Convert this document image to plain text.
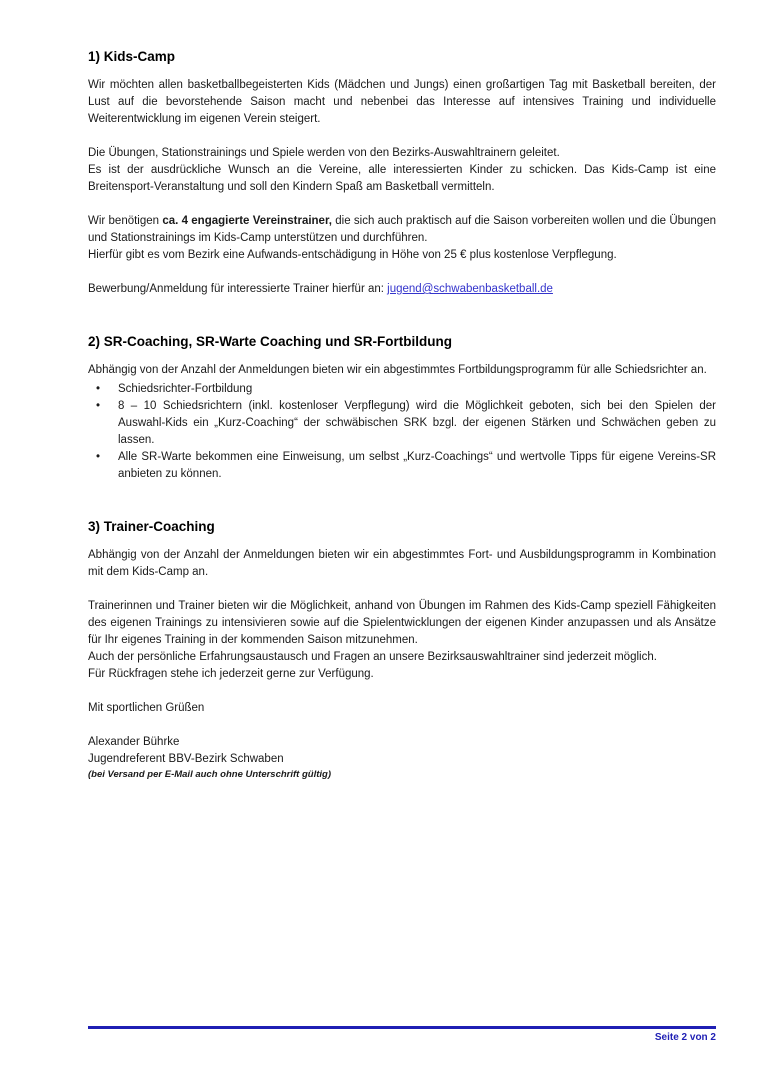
1) Kids-Camp

Wir möchten allen basketballbegeisterten Kids (Mädchen und Jungs) einen großartigen Tag mit Basketball bereiten, der Lust auf die bevorstehende Saison macht und nebenbei das Interesse auf intensives Training und individuelle Weiterentwicklung im eigenen Verein steigert.

Die Übungen, Stationstrainings und Spiele werden von den Bezirks-Auswahltrainern geleitet.
Es ist der ausdrückliche Wunsch an die Vereine, alle interessierten Kinder zu schicken. Das Kids-Camp ist eine Breitensport-Veranstaltung und soll den Kindern Spaß am Basketball vermitteln.

Wir benötigen ca. 4 engagierte Vereinstrainer, die sich auch praktisch auf die Saison vorbereiten wollen und die Übungen und Stationstrainings im Kids-Camp unterstützen und durchführen.
Hierfür gibt es vom Bezirk eine Aufwands-entschädigung in Höhe von 25 € plus kostenlose Verpflegung.

Bewerbung/Anmeldung für interessierte Trainer hierfür an: jugend@schwabenbasketball.de

2) SR-Coaching, SR-Warte Coaching und SR-Fortbildung

Abhängig von der Anzahl der Anmeldungen bieten wir ein abgestimmtes Fortbildungsprogramm für alle Schiedsrichter an.

• Schiedsrichter-Fortbildung
• 8 – 10 Schiedsrichtern (inkl. kostenloser Verpflegung) wird die Möglichkeit geboten, sich bei den Spielen der Auswahl-Kids ein „Kurz-Coaching“ der schwäbischen SRK bzgl. der eigenen Stärken und Schwächen geben zu lassen.
• Alle SR-Warte bekommen eine Einweisung, um selbst „Kurz-Coachings“ und wertvolle Tipps für eigene Vereins-SR anbieten zu können.
3) Trainer-Coaching

Abhängig von der Anzahl der Anmeldungen bieten wir ein abgestimmtes Fort- und Ausbildungsprogramm in Kombination mit dem Kids-Camp an.

Trainerinnen und Trainer bieten wir die Möglichkeit, anhand von Übungen im Rahmen des Kids-Camp speziell Fähigkeiten des eigenen Trainings zu intensivieren sowie auf die Spielentwicklungen der eigenen Kinder anzupassen und als Ansätze für Ihr eigenes Training in der kommenden Saison mitzunehmen.
Auch der persönliche Erfahrungsaustausch und Fragen an unsere Bezirksauswahltrainer sind jederzeit möglich.

Für Rückfragen stehe ich jederzeit gerne zur Verfügung.

Mit sportlichen Grüßen

Alexander Bührke
Jugendreferent BBV-Bezirk Schwaben
(bei Versand per E-Mail auch ohne Unterschrift gültig)
Seite 2 von 2
